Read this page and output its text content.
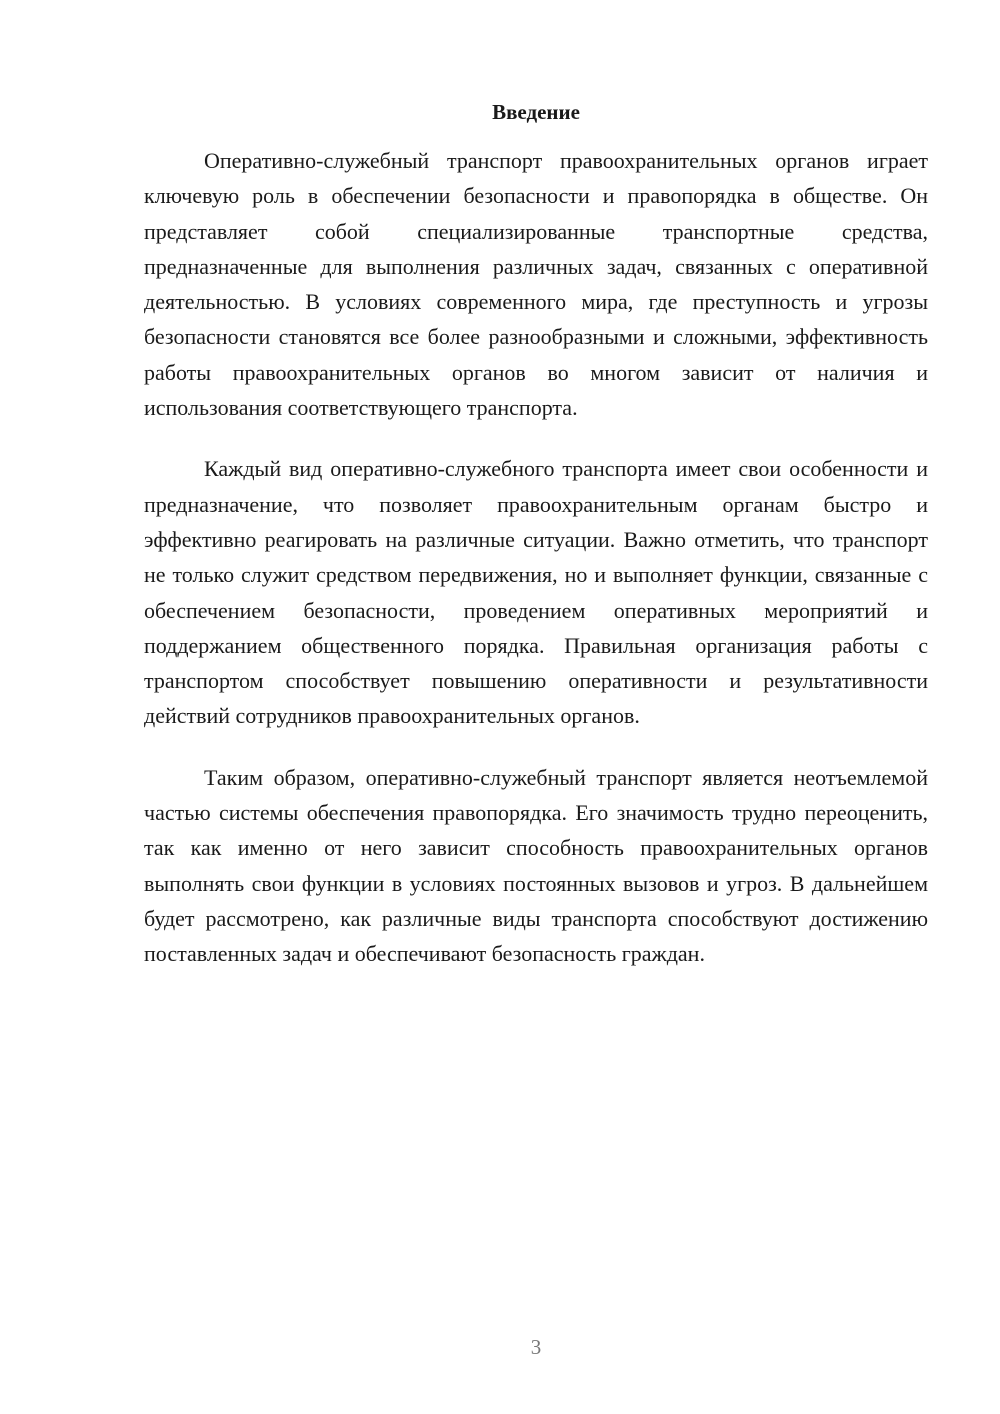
Введение

Оперативно-служебный транспорт правоохранительных органов играет ключевую роль в обеспечении безопасности и правопорядка в обществе. Он представляет собой специализированные транспортные средства, предназначенные для выполнения различных задач, связанных с оперативной деятельностью. В условиях современного мира, где преступность и угрозы безопасности становятся все более разнообразными и сложными, эффективность работы правоохранительных органов во многом зависит от наличия и использования соответствующего транспорта.

Каждый вид оперативно-служебного транспорта имеет свои особенности и предназначение, что позволяет правоохранительным органам быстро и эффективно реагировать на различные ситуации. Важно отметить, что транспорт не только служит средством передвижения, но и выполняет функции, связанные с обеспечением безопасности, проведением оперативных мероприятий и поддержанием общественного порядка. Правильная организация работы с транспортом способствует повышению оперативности и результативности действий сотрудников правоохранительных органов.

Таким образом, оперативно-служебный транспорт является неотъемлемой частью системы обеспечения правопорядка. Его значимость трудно переоценить, так как именно от него зависит способность правоохранительных органов выполнять свои функции в условиях постоянных вызовов и угроз. В дальнейшем будет рассмотрено, как различные виды транспорта способствуют достижению поставленных задач и обеспечивают безопасность граждан.

3
